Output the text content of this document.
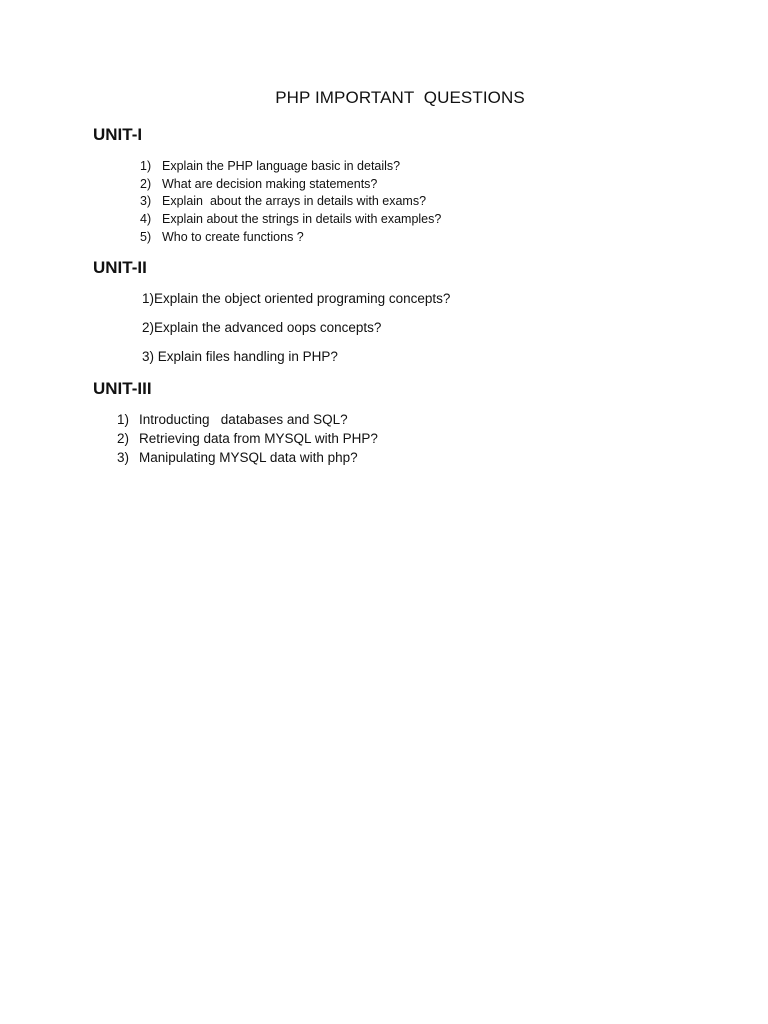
PHP IMPORTANT  QUESTIONS
UNIT-I

1)

Explain the PHP language basic in details?

2)

What are decision making statements?

3)

Explain  about the arrays in details with exams?

4)

Explain about the strings in details with examples?

5)

Who to create functions ?

UNIT-II
1)Explain the object oriented programing concepts?
2)Explain the advanced oops concepts?
3) Explain files handling in PHP?
UNIT-III

1)

Introducting   databases and SQL?

2)

Retrieving data from MYSQL with PHP?

3)

Manipulating MYSQL data with php?
